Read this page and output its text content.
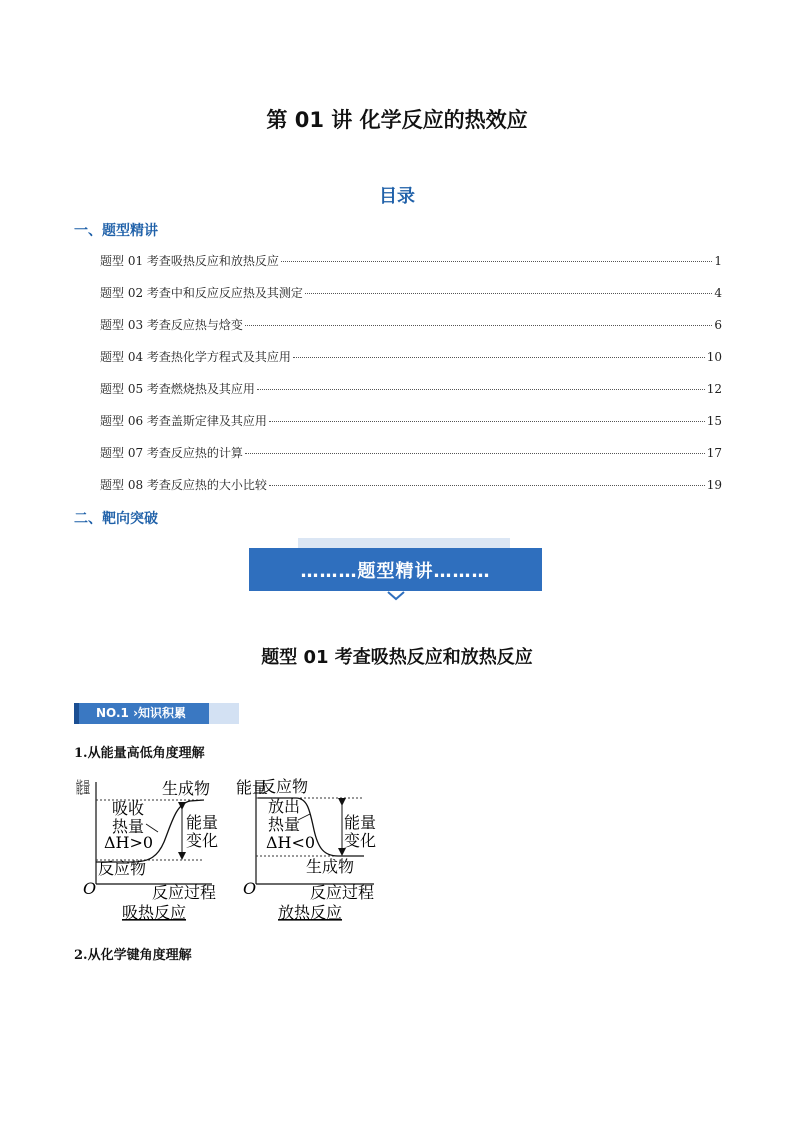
第 01 讲 化学反应的热效应
目录
一、题型精讲
题型 01 考查吸热反应和放热反应	1
题型 02 考查中和反应反应热及其测定	4
题型 03 考查反应热与焓变	6
题型 04 考查热化学方程式及其应用	10
题型 05 考查燃烧热及其应用	12
题型 06 考查盖斯定律及其应用	15
题型 07 考查反应热的计算	17
题型 08 考查反应热的大小比较	19
二、靶向突破
………题型精讲………
题型 01 考查吸热反应和放热反应
NO.1 ›知识积累
1.从能量高低角度理解
能量
O
生成物
反应物
吸收
热量
ΔH>0
能量
变化
反应过程
吸热反应
能量
O
反应物
生成物
放出
热量
ΔH<0
能量
变化
反应过程
放热反应
2.从化学键角度理解
